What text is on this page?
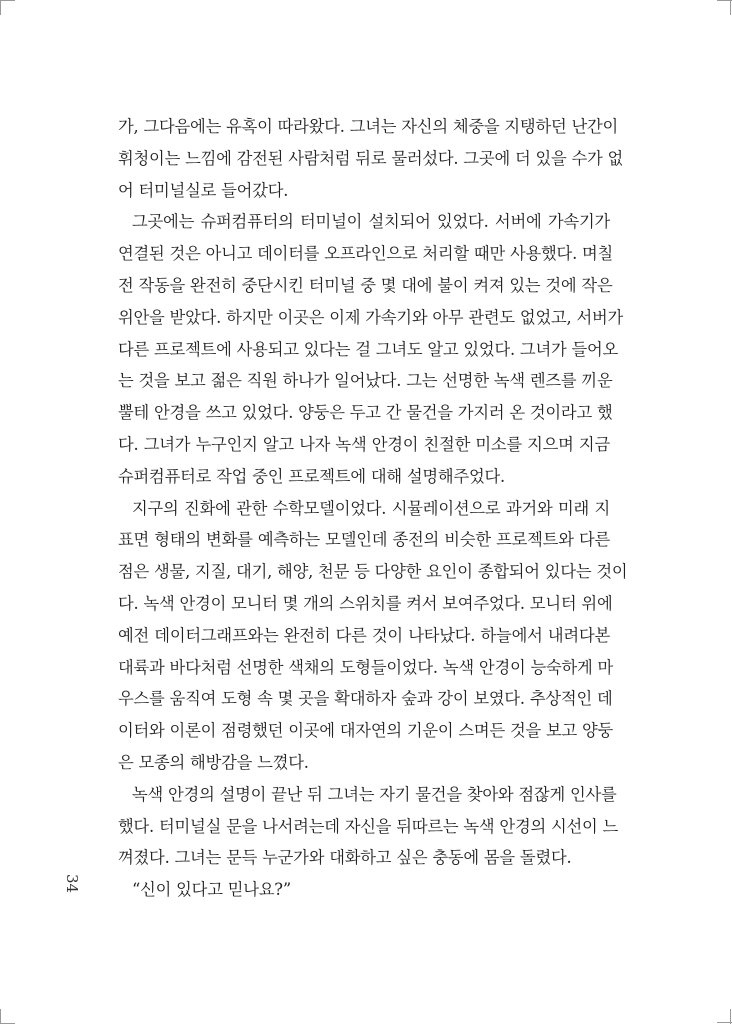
가, 그다음에는 유혹이 따라왔다. 그녀는 자신의 체중을 지탱하던 난간이
휘청이는 느낌에 감전된 사람처럼 뒤로 물러섰다. 그곳에 더 있을 수가 없
어 터미널실로 들어갔다.
그곳에는 슈퍼컴퓨터의 터미널이 설치되어 있었다. 서버에 가속기가
연결된 것은 아니고 데이터를 오프라인으로 처리할 때만 사용했다. 며칠
전 작동을 완전히 중단시킨 터미널 중 몇 대에 불이 켜져 있는 것에 작은
위안을 받았다. 하지만 이곳은 이제 가속기와 아무 관련도 없었고, 서버가
다른 프로젝트에 사용되고 있다는 걸 그녀도 알고 있었다. 그녀가 들어오
는 것을 보고 젊은 직원 하나가 일어났다. 그는 선명한 녹색 렌즈를 끼운
뿔테 안경을 쓰고 있었다. 양둥은 두고 간 물건을 가지러 온 것이라고 했
다. 그녀가 누구인지 알고 나자 녹색 안경이 친절한 미소를 지으며 지금
슈퍼컴퓨터로 작업 중인 프로젝트에 대해 설명해주었다.
지구의 진화에 관한 수학모델이었다. 시뮬레이션으로 과거와 미래 지
표면 형태의 변화를 예측하는 모델인데 종전의 비슷한 프로젝트와 다른
점은 생물, 지질, 대기, 해양, 천문 등 다양한 요인이 종합되어 있다는 것이
다. 녹색 안경이 모니터 몇 개의 스위치를 켜서 보여주었다. 모니터 위에
예전 데이터그래프와는 완전히 다른 것이 나타났다. 하늘에서 내려다본
대륙과 바다처럼 선명한 색채의 도형들이었다. 녹색 안경이 능숙하게 마
우스를 움직여 도형 속 몇 곳을 확대하자 숲과 강이 보였다. 추상적인 데
이터와 이론이 점령했던 이곳에 대자연의 기운이 스며든 것을 보고 양둥
은 모종의 해방감을 느꼈다.
녹색 안경의 설명이 끝난 뒤 그녀는 자기 물건을 찾아와 점잖게 인사를
했다. 터미널실 문을 나서려는데 자신을 뒤따르는 녹색 안경의 시선이 느
껴졌다. 그녀는 문득 누군가와 대화하고 싶은 충동에 몸을 돌렸다.
“신이 있다고 믿나요?”
34
